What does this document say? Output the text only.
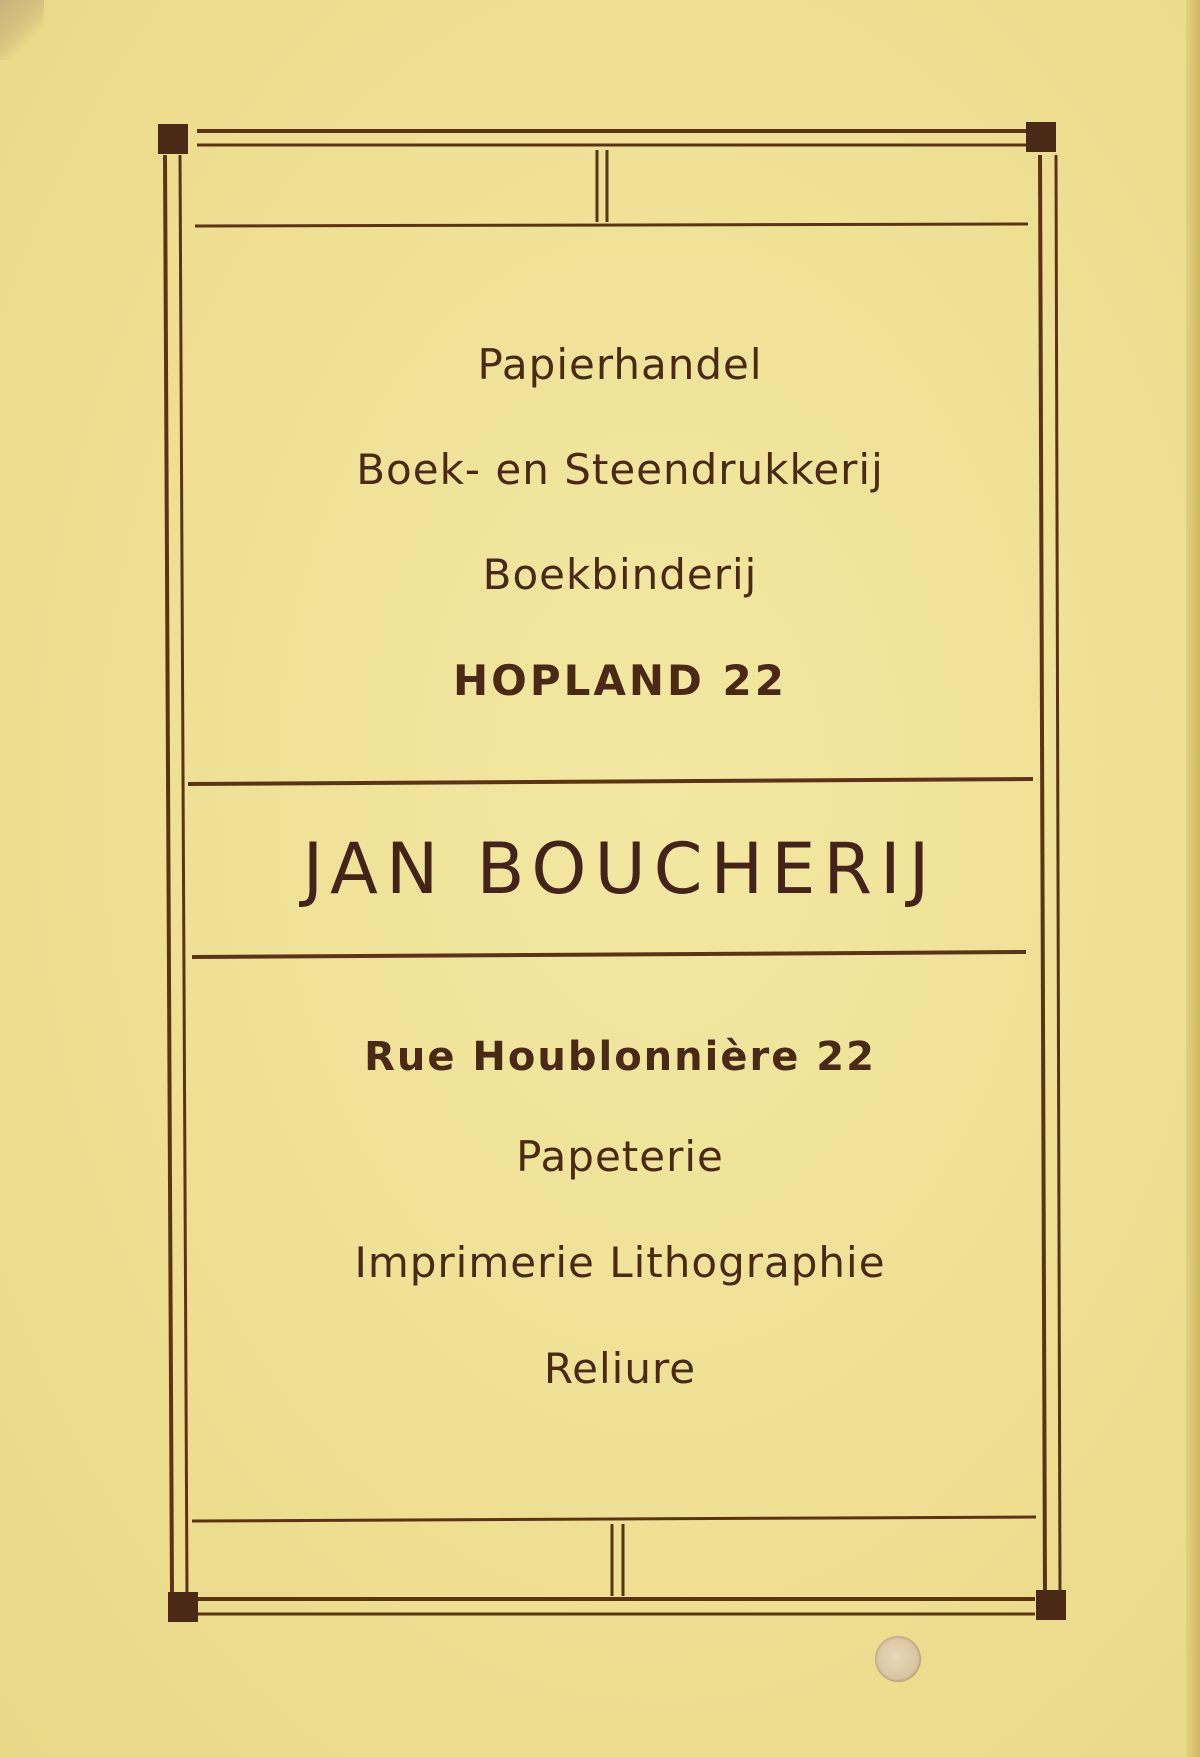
Papierhandel
Boek- en Steendrukkerij
Boekbinderij
HOPLAND 22
JAN BOUCHERIJ
Rue Houblonnière 22
Papeterie
Imprimerie Lithographie
Reliure
